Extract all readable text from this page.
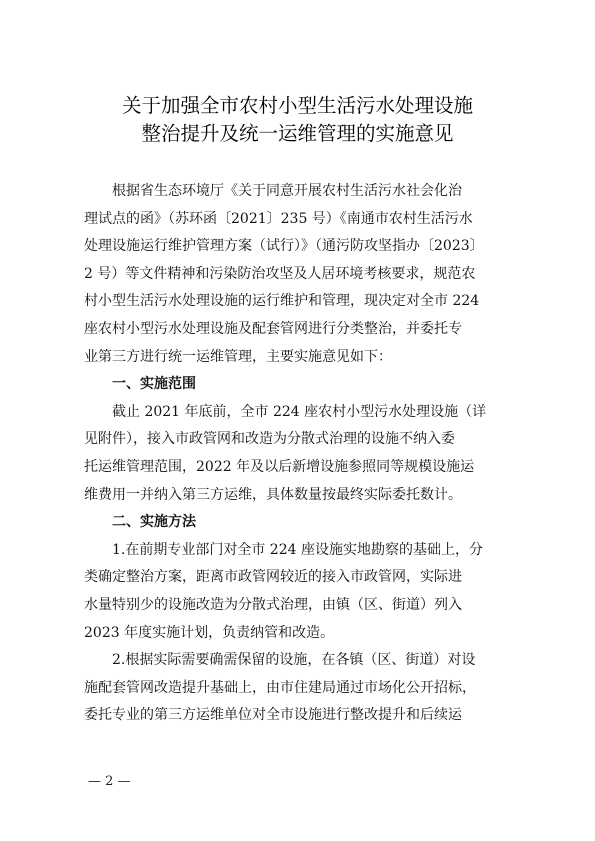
关于加强全市农村小型生活污水处理设施
整治提升及统一运维管理的实施意见

根据省生态环境厅《关于同意开展农村生活污水社会化治
理试点的函》（苏环函〔2021〕235 号）《南通市农村生活污水
处理设施运行维护管理方案（试行）》（通污防攻坚指办〔2023〕
2 号）等文件精神和污染防治攻坚及人居环境考核要求，规范农
村小型生活污水处理设施的运行维护和管理，现决定对全市 224
座农村小型污水处理设施及配套管网进行分类整治，并委托专
业第三方进行统一运维管理，主要实施意见如下：

一、实施范围

截止 2021 年底前，全市 224 座农村小型污水处理设施（详
见附件），接入市政管网和改造为分散式治理的设施不纳入委
托运维管理范围，2022 年及以后新增设施参照同等规模设施运
维费用一并纳入第三方运维，具体数量按最终实际委托数计。

二、实施方法

1.在前期专业部门对全市 224 座设施实地勘察的基础上，分
类确定整治方案，距离市政管网较近的接入市政管网，实际进
水量特别少的设施改造为分散式治理，由镇（区、街道）列入
2023 年度实施计划，负责纳管和改造。

2.根据实际需要确需保留的设施，在各镇（区、街道）对设
施配套管网改造提升基础上，由市住建局通过市场化公开招标，
委托专业的第三方运维单位对全市设施进行整改提升和后续运

— 2 —
